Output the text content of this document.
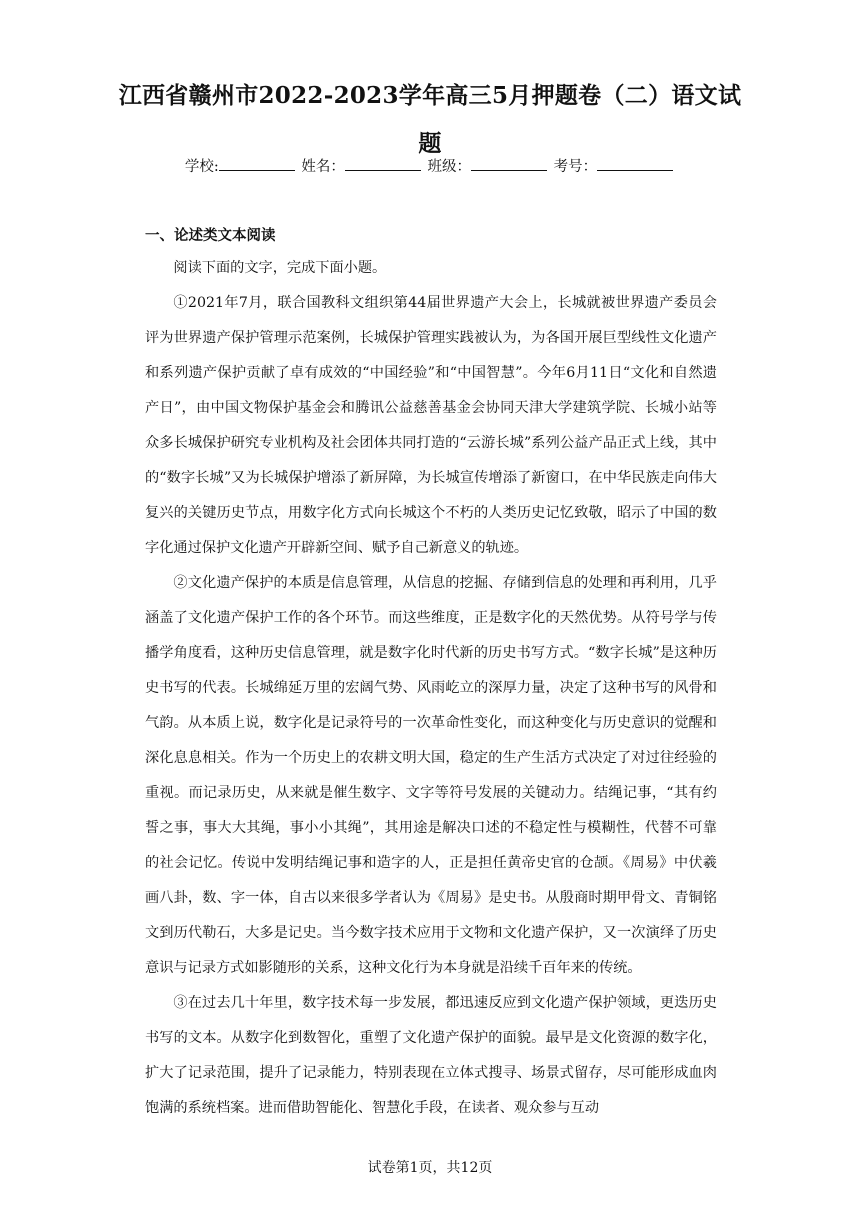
江西省赣州市2022-2023学年高三5月押题卷（二）语文试
题
学校:	姓名：	班级：	考号：
一、论述类文本阅读

阅读下面的文字，完成下面小题。

①2021年7月，联合国教科文组织第44届世界遗产大会上，长城就被世界遗产委员会评为世界遗产保护管理示范案例，长城保护管理实践被认为，为各国开展巨型线性文化遗产和系列遗产保护贡献了卓有成效的“中国经验”和“中国智慧”。今年6月11日“文化和自然遗产日”，由中国文物保护基金会和腾讯公益慈善基金会协同天津大学建筑学院、长城小站等众多长城保护研究专业机构及社会团体共同打造的“云游长城”系列公益产品正式上线，其中的“数字长城”又为长城保护增添了新屏障，为长城宣传增添了新窗口，在中华民族走向伟大复兴的关键历史节点，用数字化方式向长城这个不朽的人类历史记忆致敬，昭示了中国的数字化通过保护文化遗产开辟新空间、赋予自己新意义的轨迹。

②文化遗产保护的本质是信息管理，从信息的挖掘、存储到信息的处理和再利用，几乎涵盖了文化遗产保护工作的各个环节。而这些维度，正是数字化的天然优势。从符号学与传播学角度看，这种历史信息管理，就是数字化时代新的历史书写方式。“数字长城”是这种历史书写的代表。长城绵延万里的宏阔气势、风雨屹立的深厚力量，决定了这种书写的风骨和气韵。从本质上说，数字化是记录符号的一次革命性变化，而这种变化与历史意识的觉醒和深化息息相关。作为一个历史上的农耕文明大国，稳定的生产生活方式决定了对过往经验的重视。而记录历史，从来就是催生数字、文字等符号发展的关键动力。结绳记事，“其有约誓之事，事大大其绳，事小小其绳”，其用途是解决口述的不稳定性与模糊性，代替不可靠的社会记忆。传说中发明结绳记事和造字的人，正是担任黄帝史官的仓颉。《周易》中伏羲画八卦，数、字一体，自古以来很多学者认为《周易》是史书。从殷商时期甲骨文、青铜铭文到历代勒石，大多是记史。当今数字技术应用于文物和文化遗产保护，又一次演绎了历史意识与记录方式如影随形的关系，这种文化行为本身就是沿续千百年来的传统。

③在过去几十年里，数字技术每一步发展，都迅速反应到文化遗产保护领域，更迭历史书写的文本。从数字化到数智化，重塑了文化遗产保护的面貌。最早是文化资源的数字化，扩大了记录范围，提升了记录能力，特别表现在立体式搜寻、场景式留存，尽可能形成血肉饱满的系统档案。进而借助智能化、智慧化手段，在读者、观众参与互动

试卷第1页，共12页
